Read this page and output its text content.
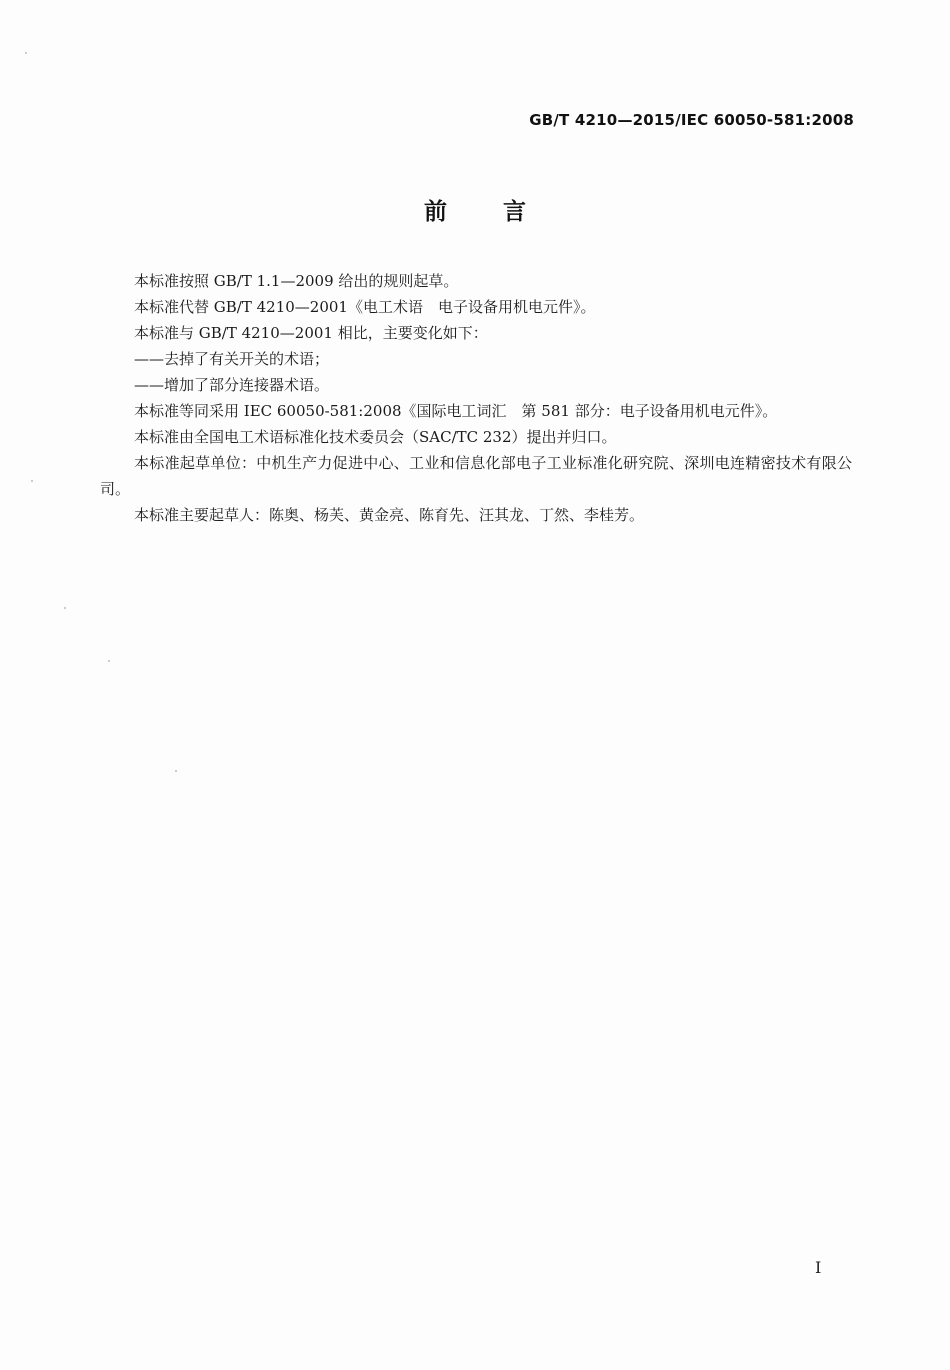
GB/T 4210—2015/IEC 60050-581:2008
前言

本标准按照 GB/T 1.1—2009 给出的规则起草。

本标准代替 GB/T 4210—2001《电工术语　电子设备用机电元件》。

本标准与 GB/T 4210—2001 相比，主要变化如下：

——去掉了有关开关的术语；

——增加了部分连接器术语。

本标准等同采用 IEC 60050-581:2008《国际电工词汇　第 581 部分：电子设备用机电元件》。

本标准由全国电工术语标准化技术委员会（SAC/TC 232）提出并归口。

本标准起草单位：中机生产力促进中心、工业和信息化部电子工业标准化研究院、深圳电连精密技术有限公司。

本标准主要起草人：陈奥、杨芙、黄金亮、陈育先、汪其龙、丁然、李桂芳。

I
